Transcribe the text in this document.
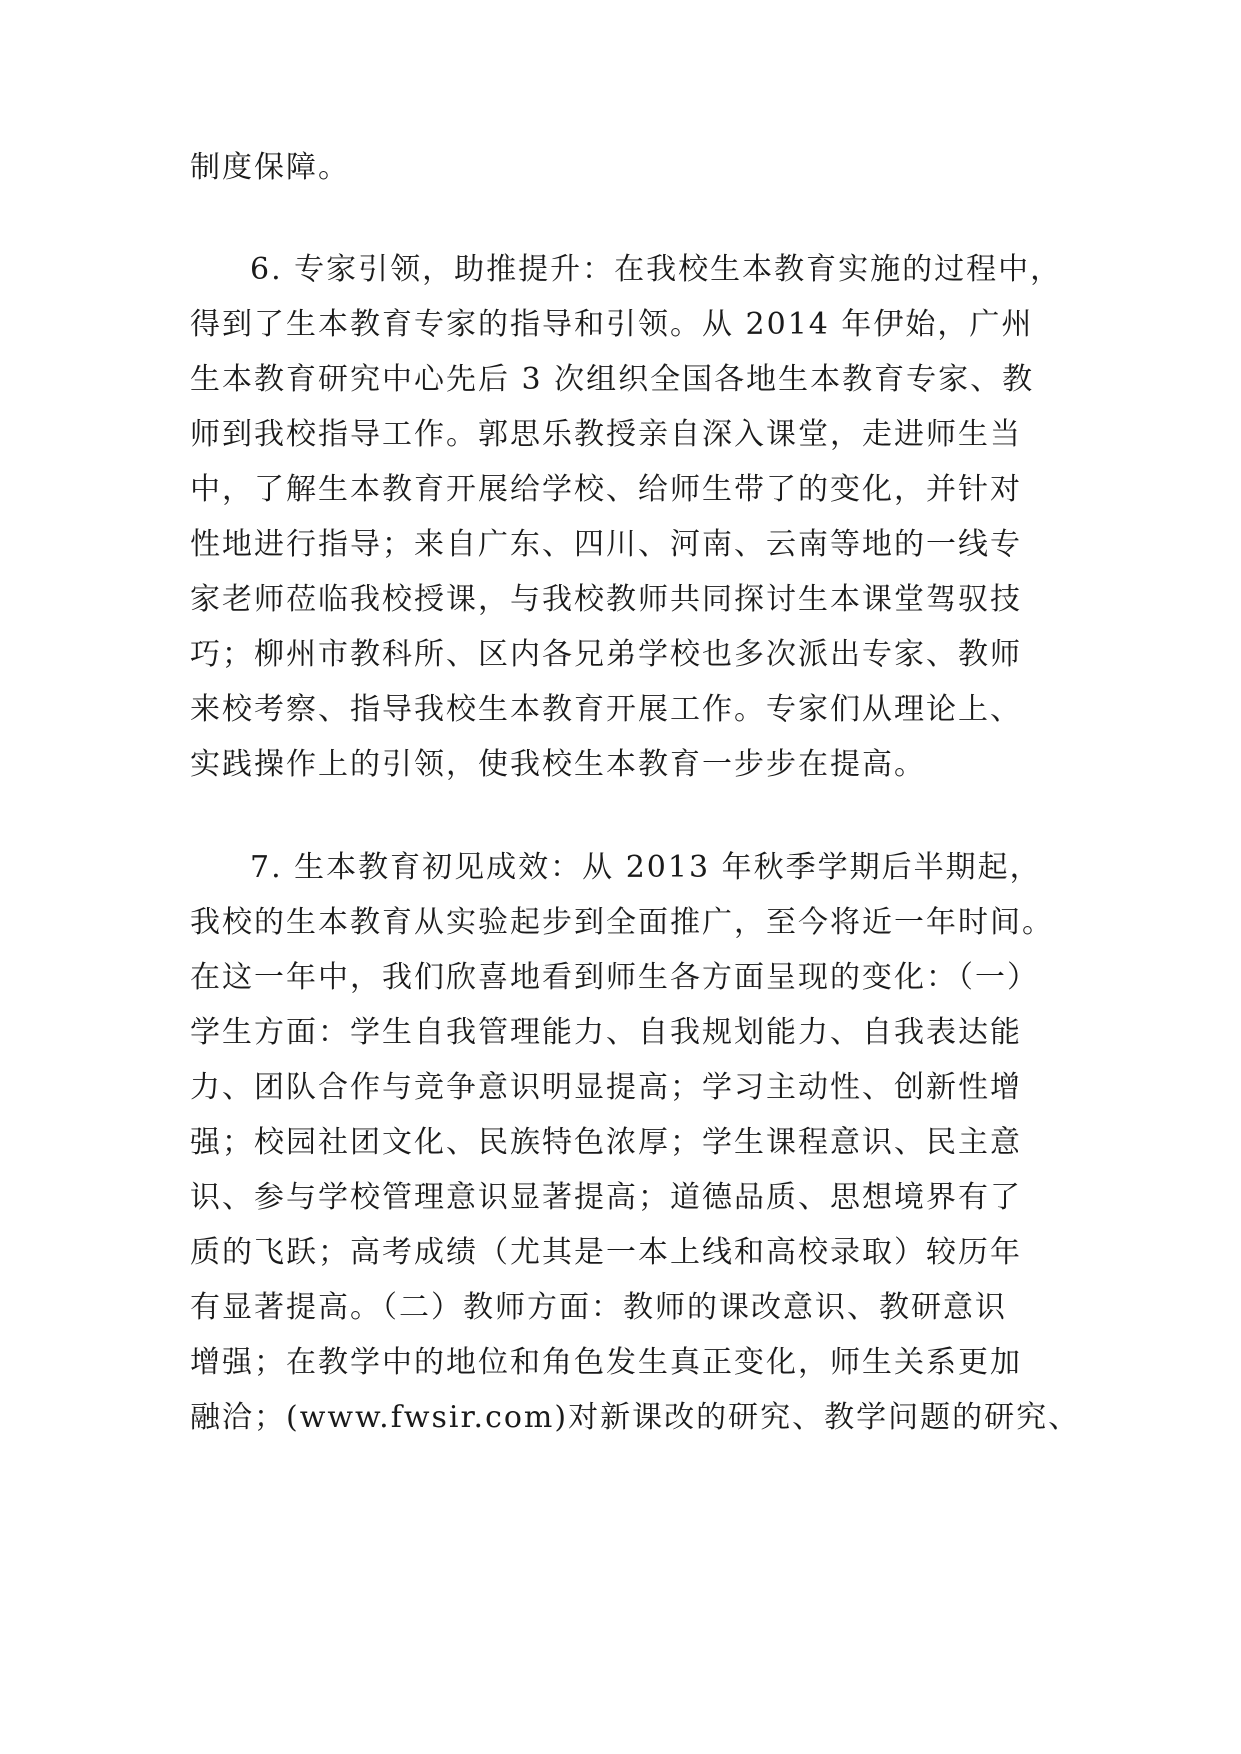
制度保障。
6. 专家引领，助推提升：在我校生本教育实施的过程中，
得到了生本教育专家的指导和引领。从 2014 年伊始，广州
生本教育研究中心先后 3 次组织全国各地生本教育专家、教
师到我校指导工作。郭思乐教授亲自深入课堂，走进师生当
中，了解生本教育开展给学校、给师生带了的变化，并针对
性地进行指导；来自广东、四川、河南、云南等地的一线专
家老师莅临我校授课，与我校教师共同探讨生本课堂驾驭技
巧；柳州市教科所、区内各兄弟学校也多次派出专家、教师
来校考察、指导我校生本教育开展工作。专家们从理论上、
实践操作上的引领，使我校生本教育一步步在提高。
7. 生本教育初见成效：从 2013 年秋季学期后半期起，
我校的生本教育从实验起步到全面推广，至今将近一年时间。
在这一年中，我们欣喜地看到师生各方面呈现的变化：（一）
学生方面：学生自我管理能力、自我规划能力、自我表达能
力、团队合作与竞争意识明显提高；学习主动性、创新性增
强；校园社团文化、民族特色浓厚；学生课程意识、民主意
识、参与学校管理意识显著提高；道德品质、思想境界有了
质的飞跃；高考成绩（尤其是一本上线和高校录取）较历年
有显著提高。（二）教师方面：教师的课改意识、教研意识
增强；在教学中的地位和角色发生真正变化，师生关系更加
融洽；(www.fwsir.com)对新课改的研究、教学问题的研究、
